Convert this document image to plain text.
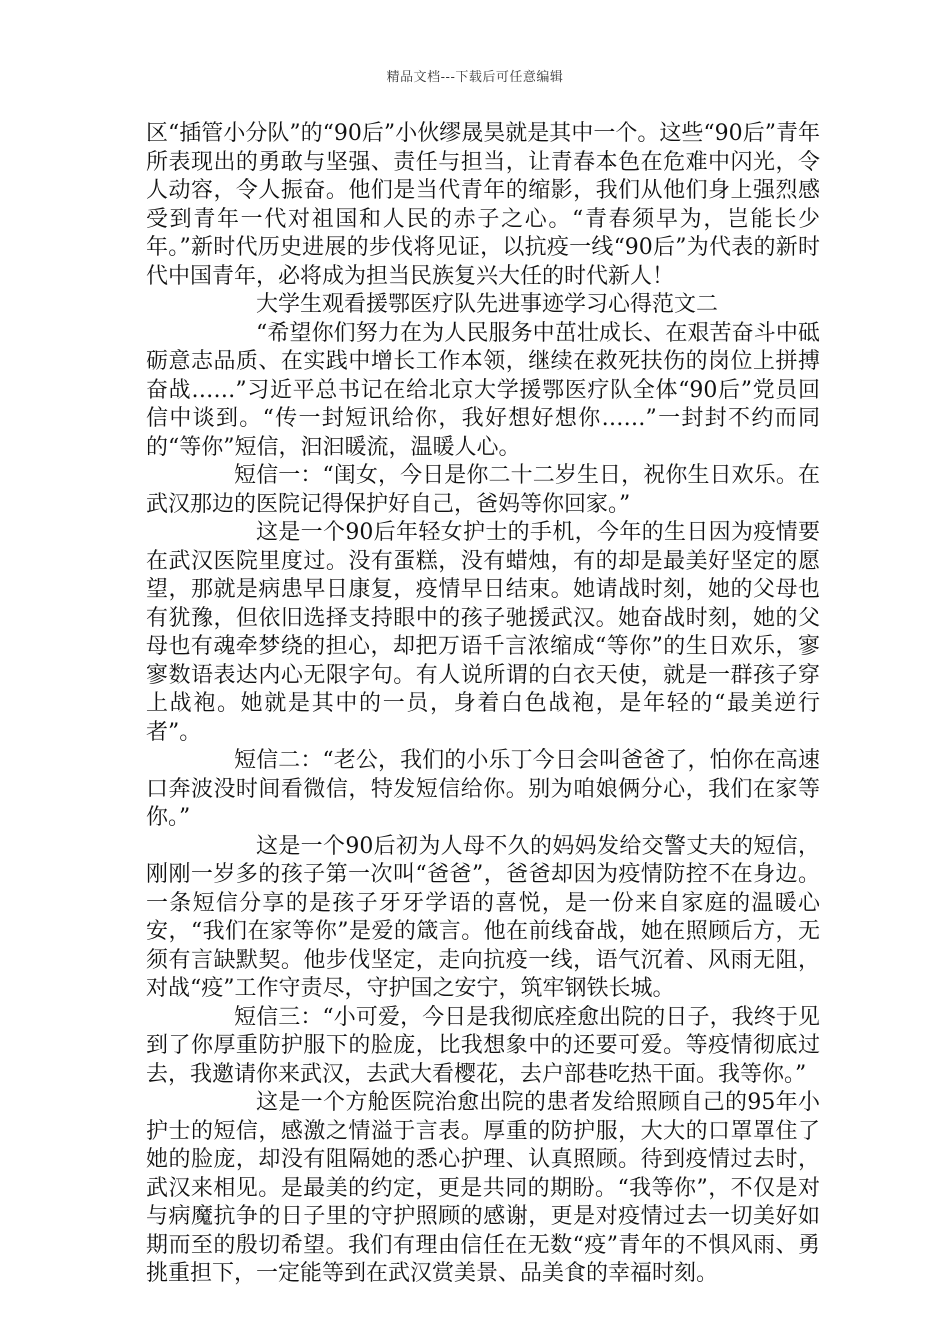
精品文档---下载后可任意编辑

区“插管小分队”的“90后”小伙缪晟昊就是其中一个。这些“90后”青年所表现出的勇敢与坚强、责任与担当，让青春本色在危难中闪光，令人动容，令人振奋。他们是当代青年的缩影，我们从他们身上强烈感受到青年一代对祖国和人民的赤子之心。“青春须早为，岂能长少年。”新时代历史进展的步伐将见证，以抗疫一线“90后”为代表的新时代中国青年，必将成为担当民族复兴大任的时代新人！

大学生观看援鄂医疗队先进事迹学习心得范文二

“希望你们努力在为人民服务中茁壮成长、在艰苦奋斗中砥砺意志品质、在实践中增长工作本领，继续在救死扶伤的岗位上拼搏奋战……”习近平总书记在给北京大学援鄂医疗队全体“90后”党员回信中谈到。“传一封短讯给你，我好想好想你……”一封封不约而同的“等你”短信，汩汩暖流，温暖人心。

短信一：“闺女，今日是你二十二岁生日，祝你生日欢乐。在武汉那边的医院记得保护好自己，爸妈等你回家。”

这是一个90后年轻女护士的手机，今年的生日因为疫情要在武汉医院里度过。没有蛋糕，没有蜡烛，有的却是最美好坚定的愿望，那就是病患早日康复，疫情早日结束。她请战时刻，她的父母也有犹豫，但依旧选择支持眼中的孩子驰援武汉。她奋战时刻，她的父母也有魂牵梦绕的担心，却把万语千言浓缩成“等你”的生日欢乐，寥寥数语表达内心无限字句。有人说所谓的白衣天使，就是一群孩子穿上战袍。她就是其中的一员，身着白色战袍，是年轻的“最美逆行者”。

短信二：“老公，我们的小乐丁今日会叫爸爸了，怕你在高速口奔波没时间看微信，特发短信给你。别为咱娘俩分心，我们在家等你。”

这是一个90后初为人母不久的妈妈发给交警丈夫的短信，刚刚一岁多的孩子第一次叫“爸爸”，爸爸却因为疫情防控不在身边。一条短信分享的是孩子牙牙学语的喜悦，是一份来自家庭的温暖心安，“我们在家等你”是爱的箴言。他在前线奋战，她在照顾后方，无须有言缺默契。他步伐坚定，走向抗疫一线，语气沉着、风雨无阻，对战“疫”工作守责尽，守护国之安宁，筑牢钢铁长城。

短信三：“小可爱，今日是我彻底痊愈出院的日子，我终于见到了你厚重防护服下的脸庞，比我想象中的还要可爱。等疫情彻底过去，我邀请你来武汉，去武大看樱花，去户部巷吃热干面。我等你。”

这是一个方舱医院治愈出院的患者发给照顾自己的95年小护士的短信，感激之情溢于言表。厚重的防护服，大大的口罩罩住了她的脸庞，却没有阻隔她的悉心护理、认真照顾。待到疫情过去时，武汉来相见。是最美的约定，更是共同的期盼。“我等你”，不仅是对与病魔抗争的日子里的守护照顾的感谢，更是对疫情过去一切美好如期而至的殷切希望。我们有理由信任在无数“疫”青年的不惧风雨、勇挑重担下，一定能等到在武汉赏美景、品美食的幸福时刻。
